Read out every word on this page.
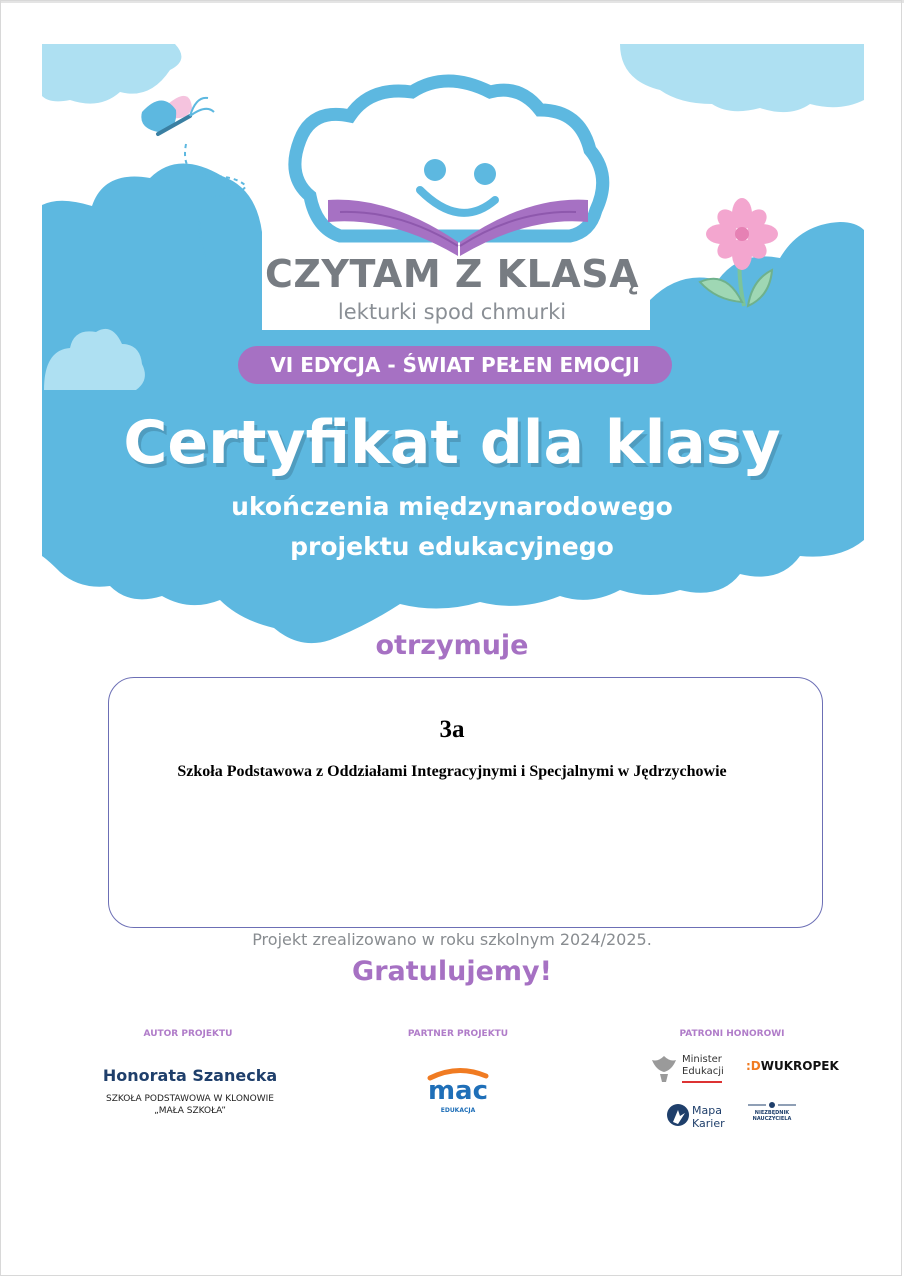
CZYTAM Z KLASĄ
lekturki spod chmurki
VI EDYCJA - ŚWIAT PEŁEN EMOCJI
Certyfikat dla klasy
ukończenia międzynarodowego
projektu edukacyjnego
otrzymuje
3a
Szkoła Podstawowa z Oddziałami Integracyjnymi i Specjalnymi w Jędrzychowie
Projekt zrealizowano w roku szkolnym 2024/2025.
Gratulujemy!
AUTOR PROJEKTU
Honorata Szanecka
SZKOŁA PODSTAWOWA W KLONOWIE
„MAŁA SZKOŁA”
PARTNER PROJEKTU
mac
EDUKACJA
PATRONI HONOROWI
Minister
Edukacji	:DWUKROPEK
Mapa
Karier
NIEZBĘDNIK
NAUCZYCIELA
